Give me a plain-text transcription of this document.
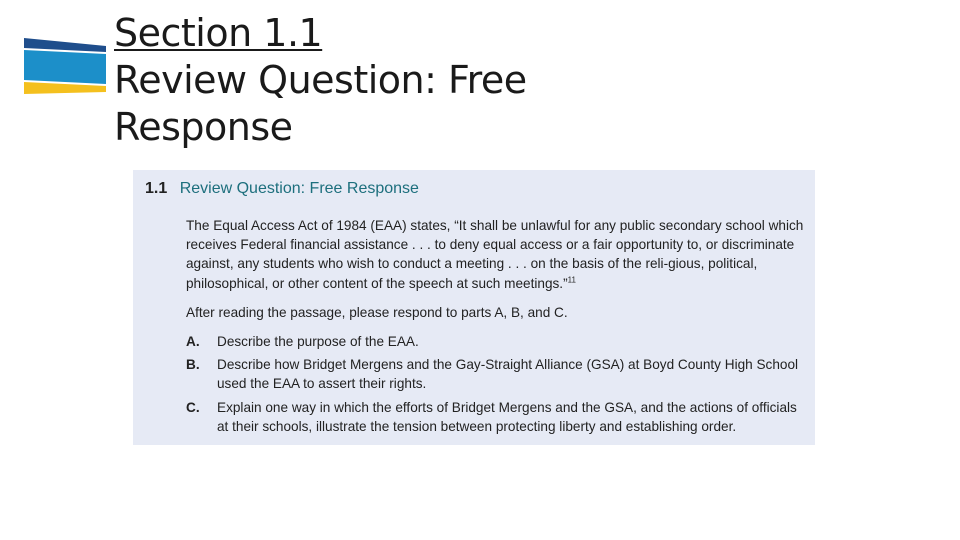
Section 1.1
Review Question: Free
Response
1.1 Review Question: Free Response

The Equal Access Act of 1984 (EAA) states, “It shall be unlawful for any public secondary school which receives Federal financial assistance . . . to deny equal access or a fair opportunity to, or discriminate against, any students who wish to conduct a meeting . . . on the basis of the reli-gious, political, philosophical, or other content of the speech at such meetings.”$^{11}$

After reading the passage, please respond to parts A, B, and C.

A.	Describe the purpose of the EAA.
B.	Describe how Bridget Mergens and the Gay-Straight Alliance (GSA) at Boyd County High School used the EAA to assert their rights.
C.	Explain one way in which the efforts of Bridget Mergens and the GSA, and the actions of officials at their schools, illustrate the tension between protecting liberty and establishing order.
